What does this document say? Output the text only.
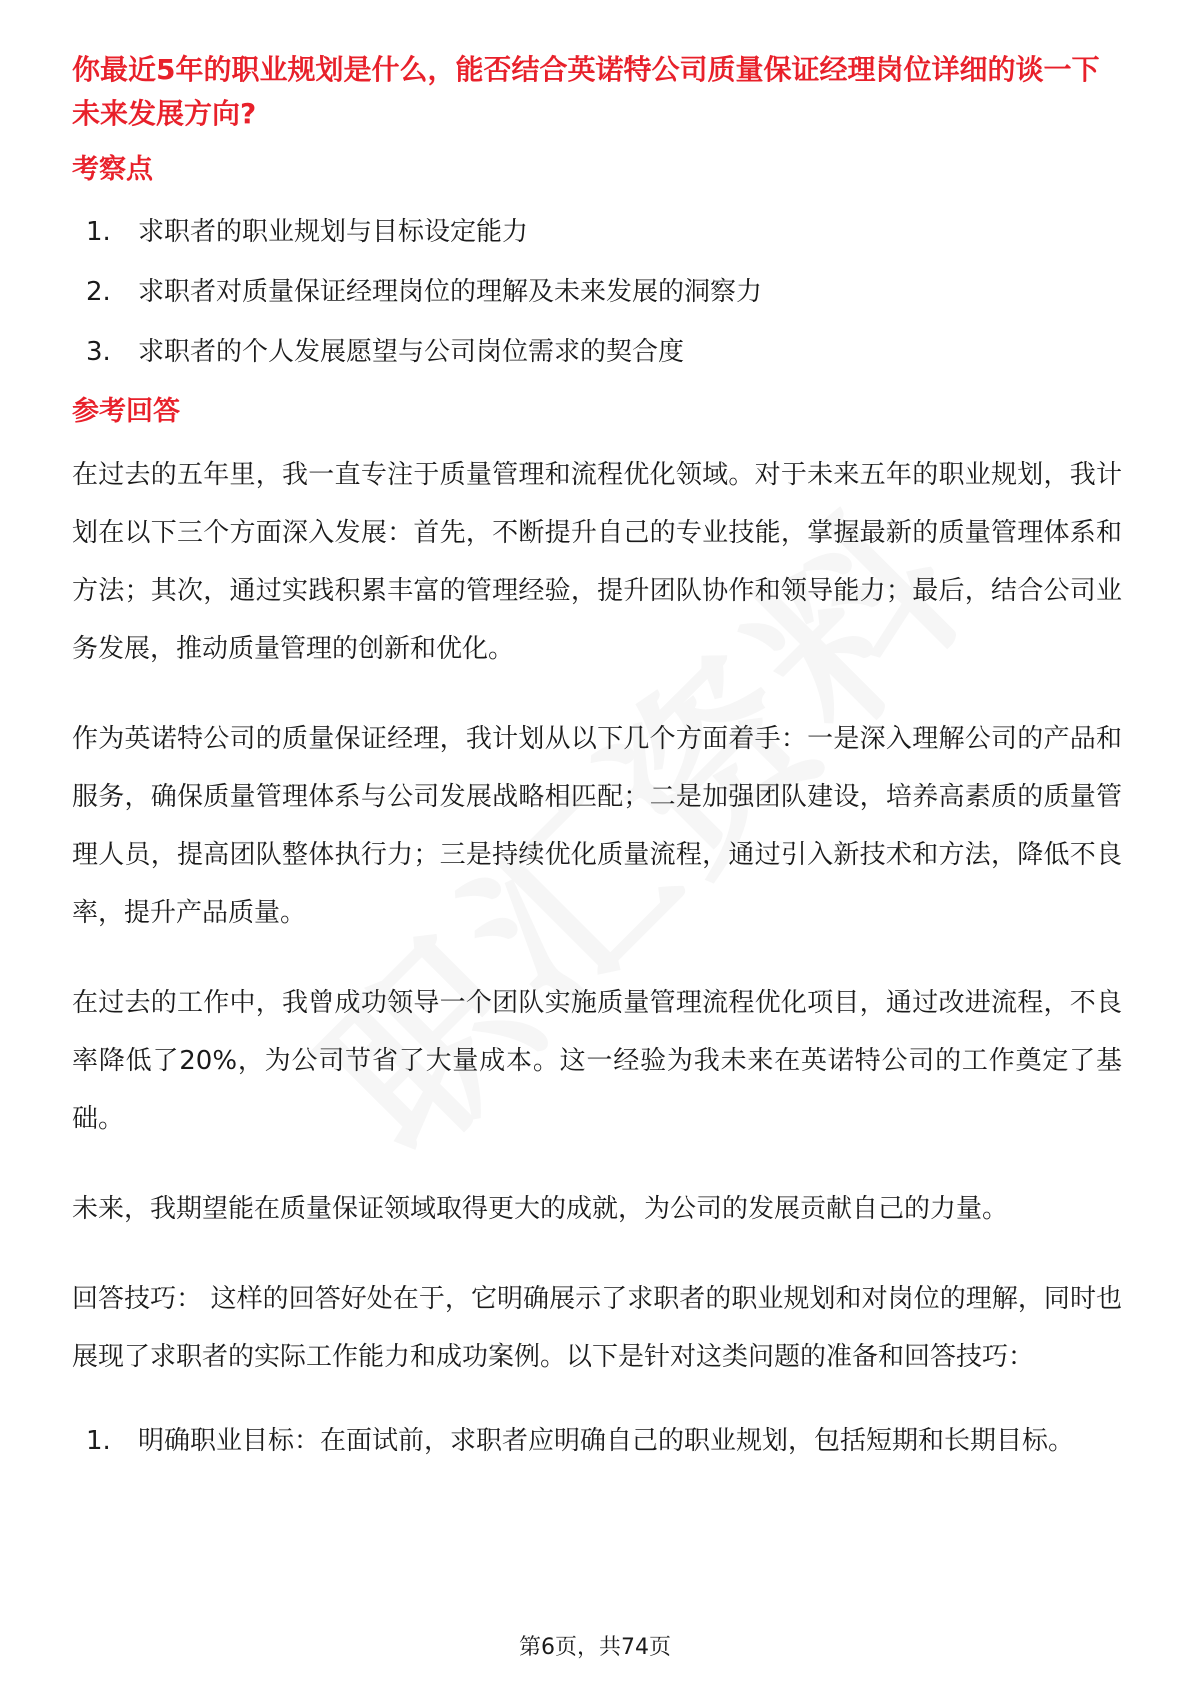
你最近5年的职业规划是什么，能否结合英诺特公司质量保证经理岗位详细的谈一下未来发展方向?
考察点
1.	求职者的职业规划与目标设定能力
2.	求职者对质量保证经理岗位的理解及未来发展的洞察力
3.	求职者的个人发展愿望与公司岗位需求的契合度
参考回答

在过去的五年里，我一直专注于质量管理和流程优化领域。对于未来五年的职业规划，我计划在以下三个方面深入发展：首先，不断提升自己的专业技能，掌握最新的质量管理体系和方法；其次，通过实践积累丰富的管理经验，提升团队协作和领导能力；最后，结合公司业务发展，推动质量管理的创新和优化。

作为英诺特公司的质量保证经理，我计划从以下几个方面着手：一是深入理解公司的产品和服务，确保质量管理体系与公司发展战略相匹配；二是加强团队建设，培养高素质的质量管理人员，提高团队整体执行力；三是持续优化质量流程，通过引入新技术和方法，降低不良率，提升产品质量。

在过去的工作中，我曾成功领导一个团队实施质量管理流程优化项目，通过改进流程，不良率降低了20%，为公司节省了大量成本。这一经验为我未来在英诺特公司的工作奠定了基础。

未来，我期望能在质量保证领域取得更大的成就，为公司的发展贡献自己的力量。

回答技巧： 这样的回答好处在于，它明确展示了求职者的职业规划和对岗位的理解，同时也展现了求职者的实际工作能力和成功案例。以下是针对这类问题的准备和回答技巧：

1.	明确职业目标：在面试前，求职者应明确自己的职业规划，包括短期和长期目标。
第6页，共74页
